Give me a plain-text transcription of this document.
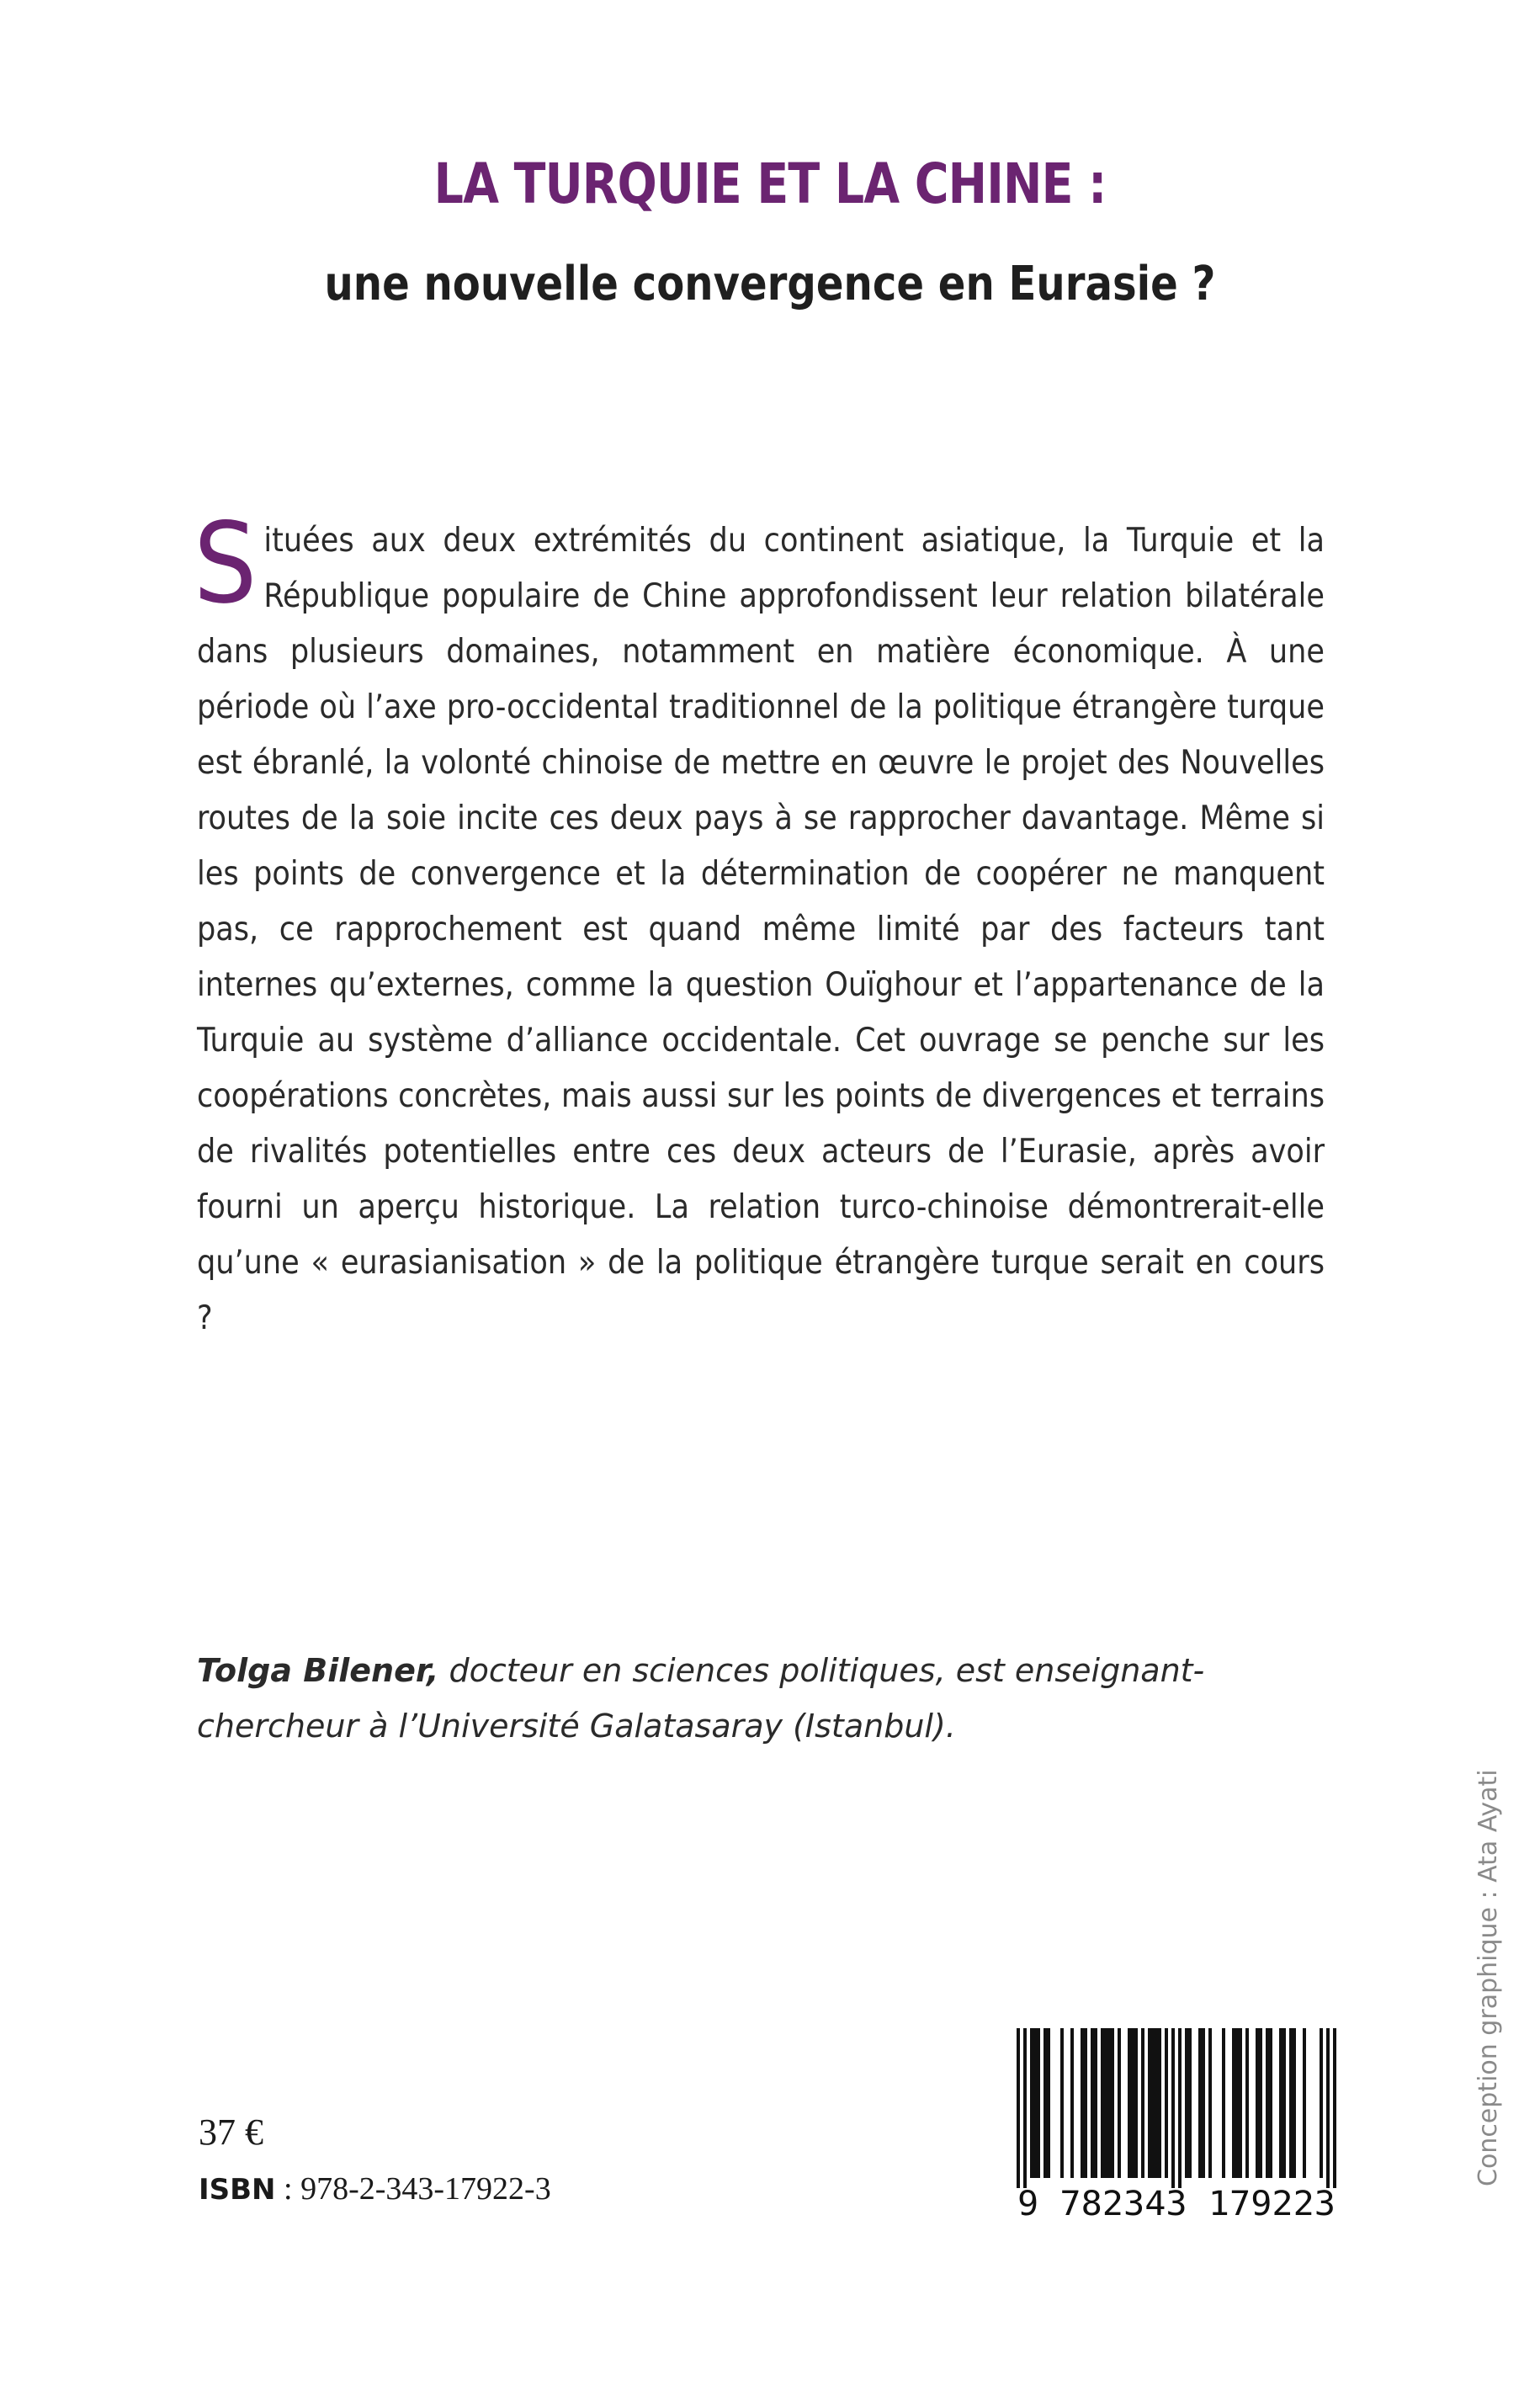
LA TURQUIE ET LA CHINE :
une nouvelle convergence en Eurasie ?

Situées aux deux extrémités du continent asiatique, la Turquie et la République populaire de Chine approfondissent leur relation bilatérale dans plusieurs domaines, notamment en matière économique. À une période où l’axe pro-occidental traditionnel de la politique étrangère turque est ébranlé, la volonté chinoise de mettre en œuvre le projet des Nouvelles routes de la soie incite ces deux pays à se rapprocher davantage. Même si les points de convergence et la détermination de coopérer ne manquent pas, ce rapprochement est quand même limité par des facteurs tant internes qu’externes, comme la question Ouïghour et l’appartenance de la Turquie au système d’alliance occidentale. Cet ouvrage se penche sur les coopérations concrètes, mais aussi sur les points de divergences et terrains de rivalités potentielles entre ces deux acteurs de l’Eurasie, après avoir fourni un aperçu historique. La relation turco-chinoise démontrerait-elle qu’une « eurasianisation » de la politique étrangère turque serait en cours ?

Tolga Bilener, docteur en sciences politiques, est enseignant-chercheur à l’Université Galatasaray (Istanbul).

Conception graphique : Ata Ayati
37 €
ISBN : 978-2-343-17922-3	9 782343 179223
